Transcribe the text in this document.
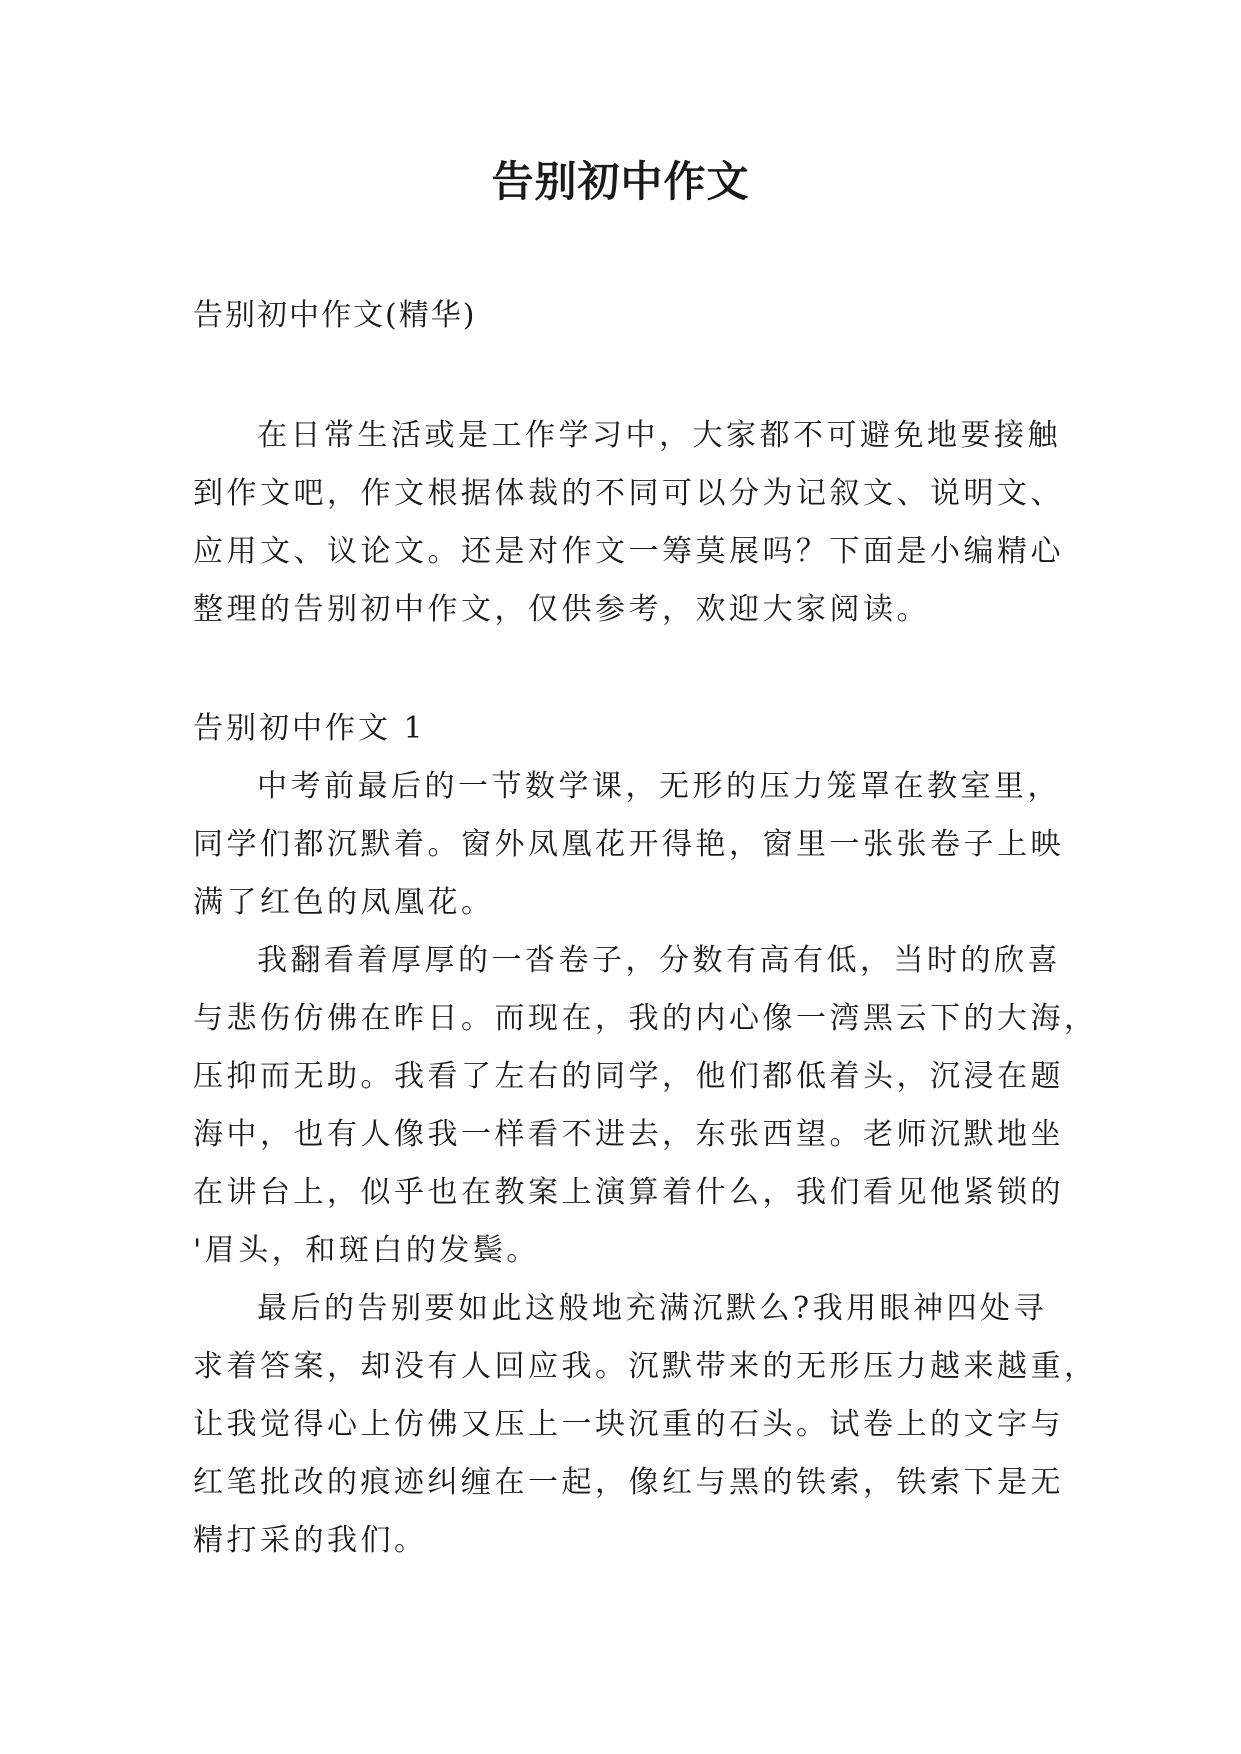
告别初中作文

告别初中作文(精华)

在日常生活或是工作学习中，大家都不可避免地要接触
到作文吧，作文根据体裁的不同可以分为记叙文、说明文、
应用文、议论文。还是对作文一筹莫展吗？下面是小编精心
整理的告别初中作文，仅供参考，欢迎大家阅读。
告别初中作文 1
中考前最后的一节数学课，无形的压力笼罩在教室里，
同学们都沉默着。窗外凤凰花开得艳，窗里一张张卷子上映
满了红色的凤凰花。
我翻看着厚厚的一沓卷子，分数有高有低，当时的欣喜
与悲伤仿佛在昨日。而现在，我的内心像一湾黑云下的大海，
压抑而无助。我看了左右的同学，他们都低着头，沉浸在题
海中，也有人像我一样看不进去，东张西望。老师沉默地坐
在讲台上，似乎也在教案上演算着什么，我们看见他紧锁的
'眉头，和斑白的发鬓。
最后的告别要如此这般地充满沉默么?我用眼神四处寻
求着答案，却没有人回应我。沉默带来的无形压力越来越重，
让我觉得心上仿佛又压上一块沉重的石头。试卷上的文字与
红笔批改的痕迹纠缠在一起，像红与黑的铁索，铁索下是无
精打采的我们。
